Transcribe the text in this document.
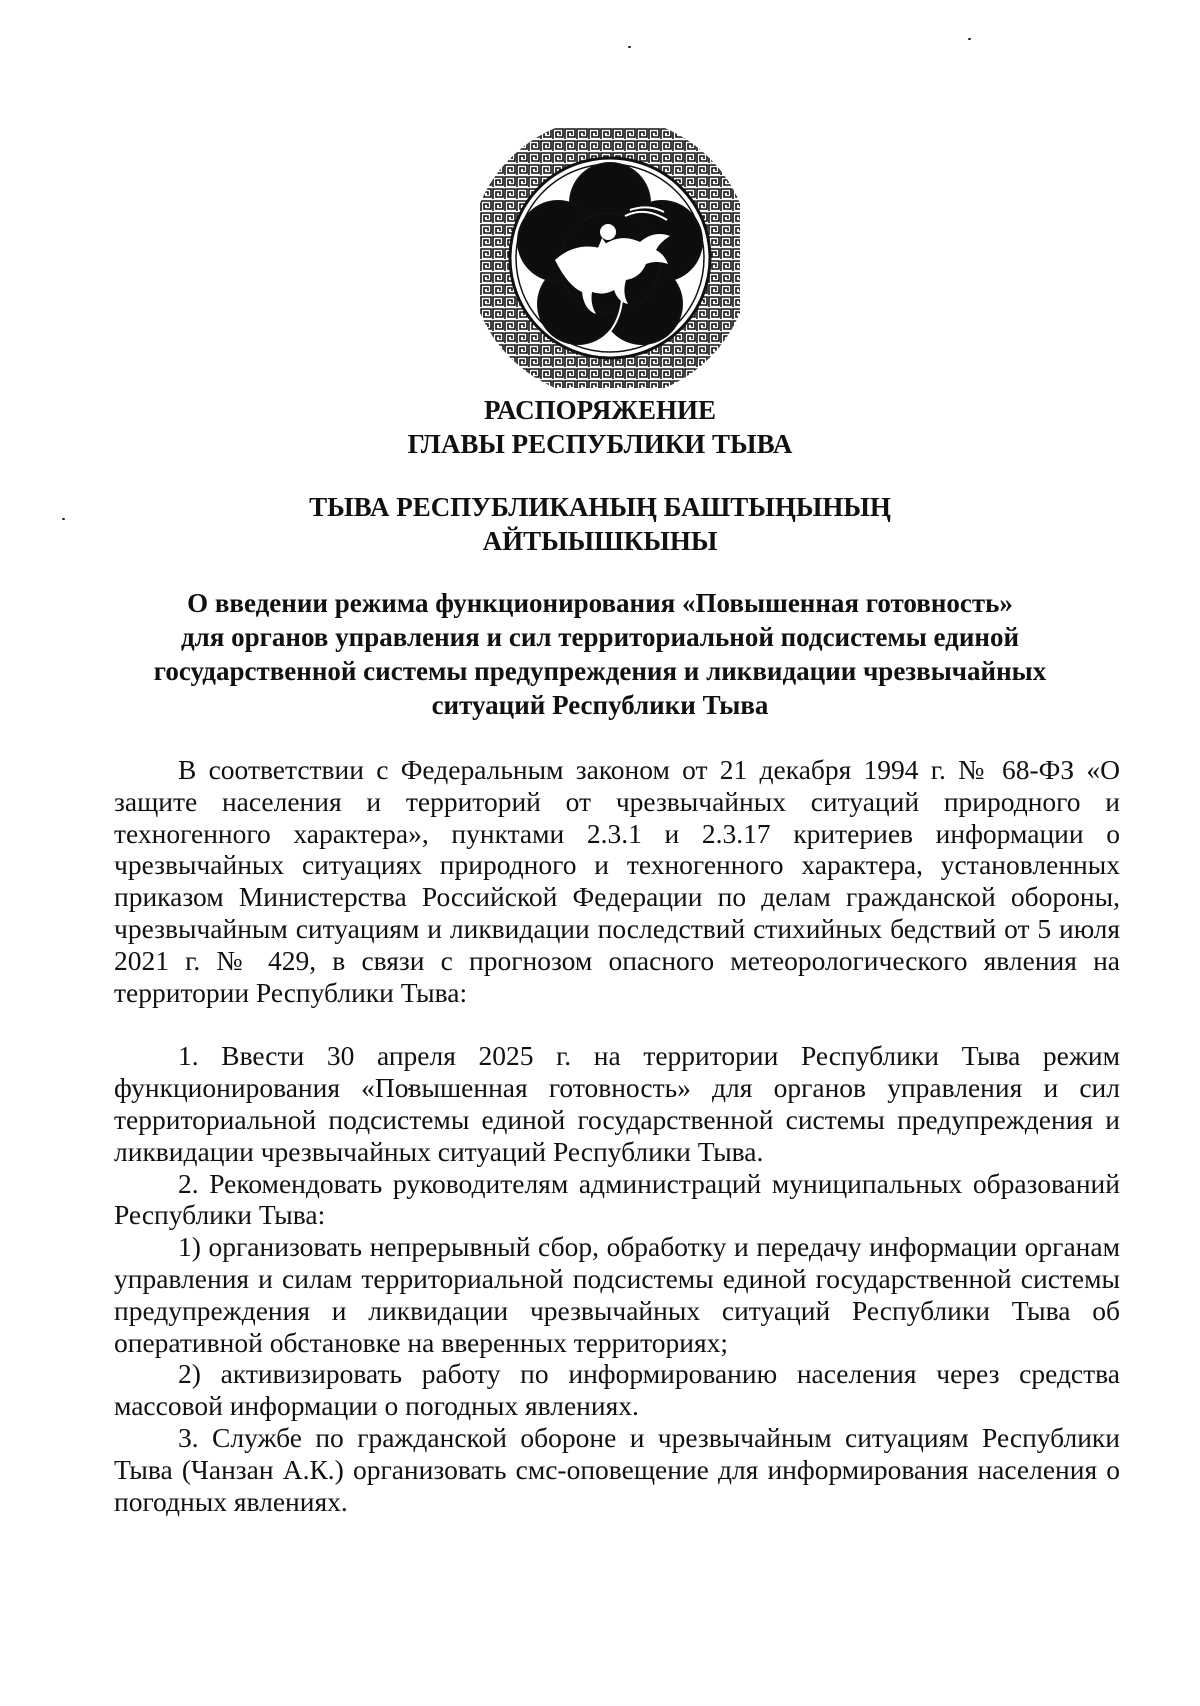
РАСПОРЯЖЕНИЕ
ГЛАВЫ РЕСПУБЛИКИ ТЫВА
ТЫВА РЕСПУБЛИКАНЫҢ БАШТЫҢЫНЫҢ
АЙТЫЫШКЫНЫ
О введении режима функционирования «Повышенная готовность»
для органов управления и сил территориальной подсистемы единой
государственной системы предупреждения и ликвидации чрезвычайных
ситуаций Республики Тыва

В соответствии с Федеральным законом от 21 декабря 1994 г. № 68-ФЗ «О защите населения и территорий от чрезвычайных ситуаций природного и техногенного характера», пунктами 2.3.1 и 2.3.17 критериев информации о чрезвычайных ситуациях природного и техногенного характера, установленных приказом Министерства Российской Федерации по делам гражданской обороны, чрезвычайным ситуациям и ликвидации последствий стихийных бедствий от 5 июля 2021 г. № 429, в связи с прогнозом опасного метеорологического явления на территории Республики Тыва:

1. Ввести 30 апреля 2025 г. на территории Республики Тыва режим функционирования «Повышенная готовность» для органов управления и сил территориальной подсистемы единой государственной системы предупреждения и ликвидации чрезвычайных ситуаций Республики Тыва.

2. Рекомендовать руководителям администраций муниципальных образований Республики Тыва:

1) организовать непрерывный сбор, обработку и передачу информации органам управления и силам территориальной подсистемы единой государственной системы предупреждения и ликвидации чрезвычайных ситуаций Республики Тыва об оперативной обстановке на вверенных территориях;

2) активизировать работу по информированию населения через средства массовой информации о погодных явлениях.

3. Службе по гражданской обороне и чрезвычайным ситуациям Республики Тыва (Чанзан А.К.) организовать смс-оповещение для информирования населения о погодных явлениях.
